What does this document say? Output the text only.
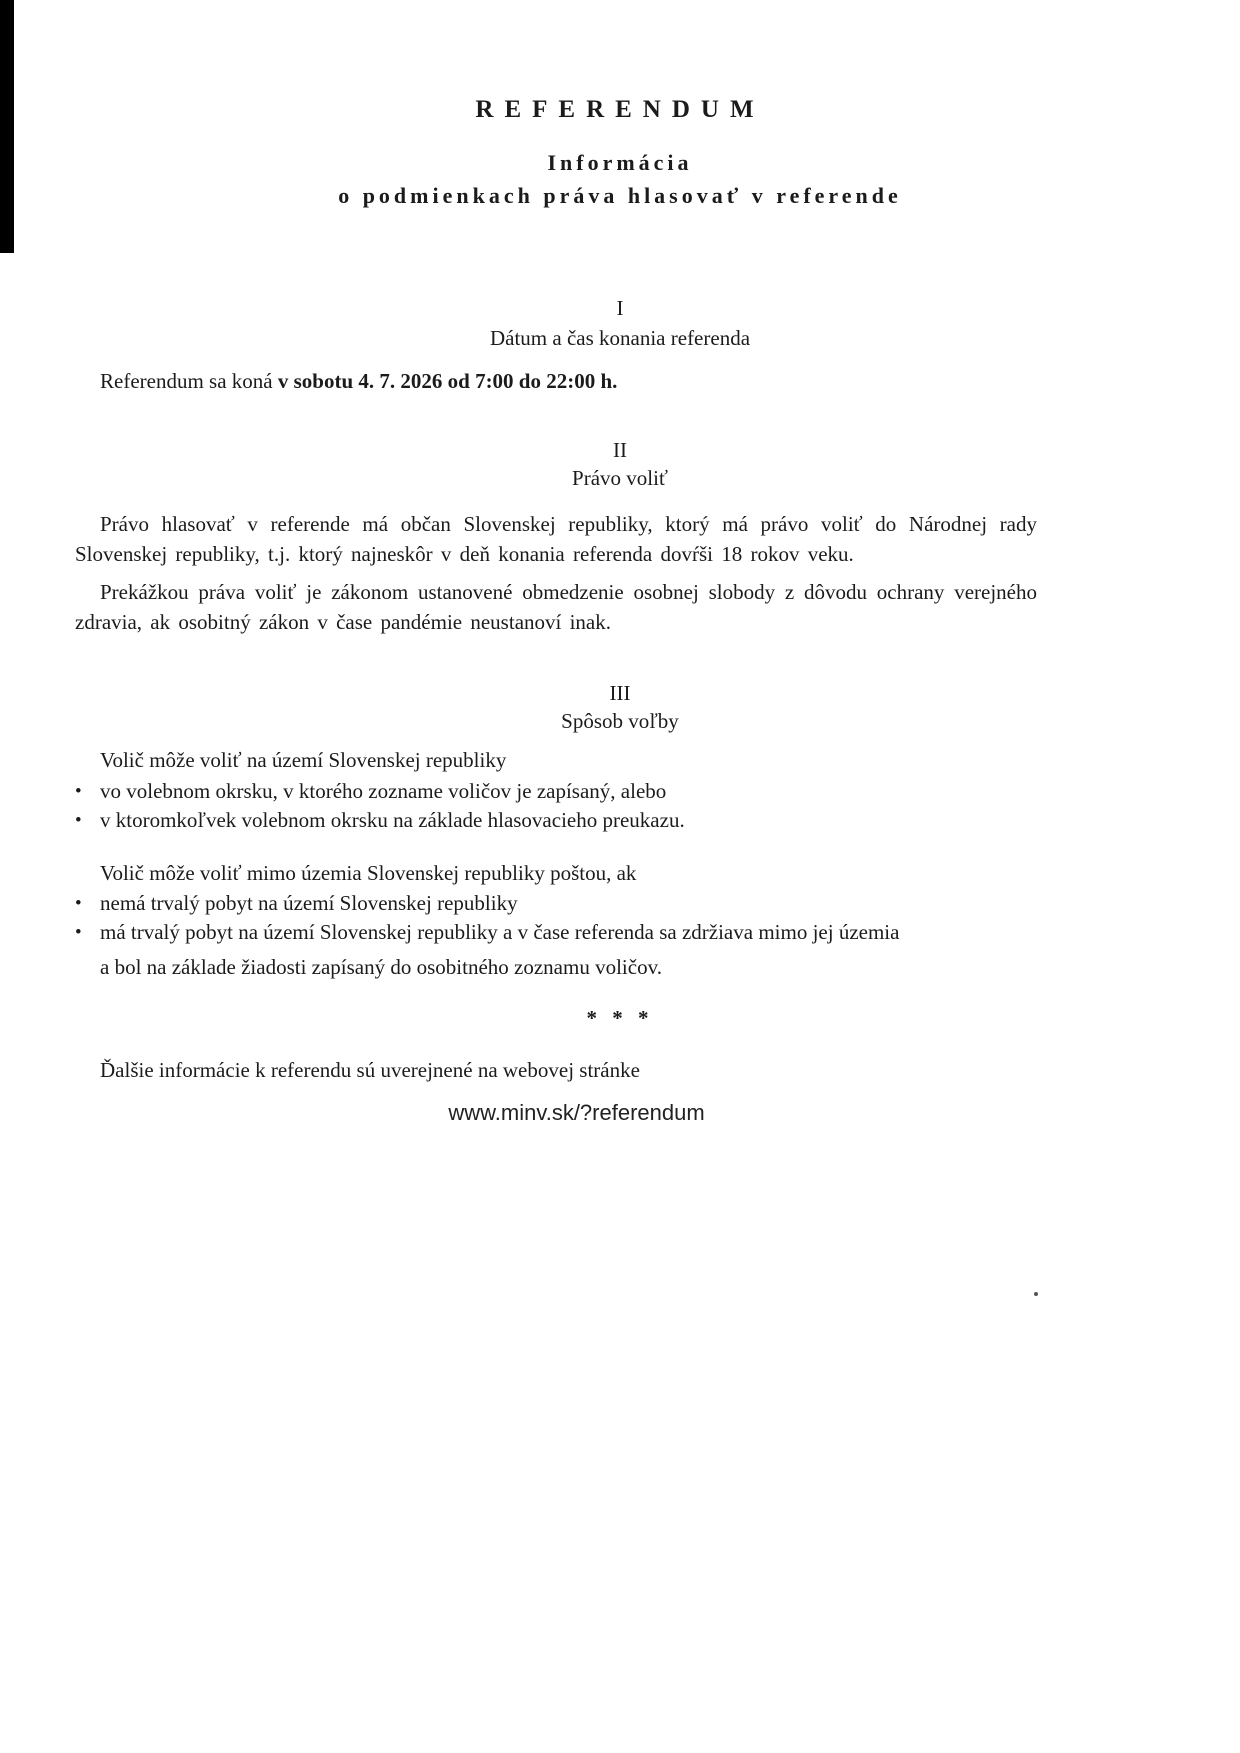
REFERENDUM
Informácia
o podmienkach práva hlasovať v referende
I
Dátum a čas konania referenda
Referendum sa koná v sobotu 4. 7. 2026 od 7:00 do 22:00 h.
II
Právo voliť
Právo hlasovať v referende má občan Slovenskej republiky, ktorý má právo voliť do Národnej rady Slovenskej republiky, t.j. ktorý najneskôr v deň konania referenda dovŕši 18 rokov veku.
Prekážkou práva voliť je zákonom ustanovené obmedzenie osobnej slobody z dôvodu ochrany verejného zdravia, ak osobitný zákon v čase pandémie neustanoví inak.
III
Spôsob voľby
Volič môže voliť na území Slovenskej republiky
• vo volebnom okrsku, v ktorého zozname voličov je zapísaný, alebo
• v ktoromkoľvek volebnom okrsku na základe hlasovacieho preukazu.
Volič môže voliť mimo územia Slovenskej republiky poštou, ak
• nemá trvalý pobyt na území Slovenskej republiky
• má trvalý pobyt na území Slovenskej republiky a v čase referenda sa zdržiava mimo jej územia
a bol na základe žiadosti zapísaný do osobitného zoznamu voličov.
* * *
Ďalšie informácie k referendu sú uverejnené na webovej stránke
www.minv.sk/?referendum
